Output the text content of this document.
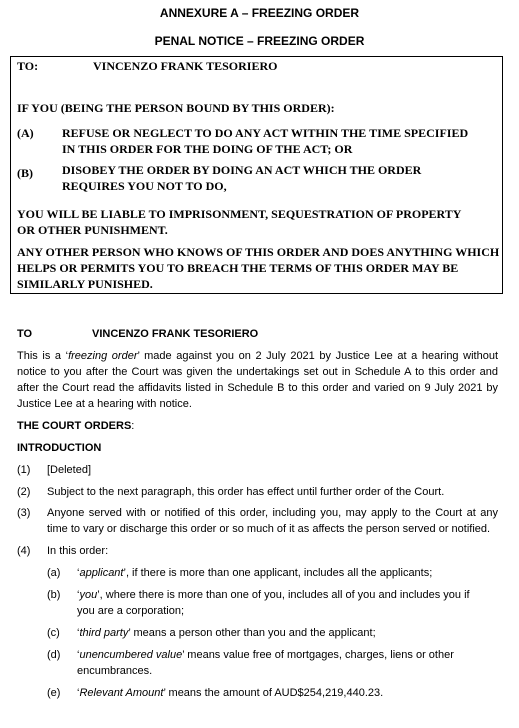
ANNEXURE A – FREEZING ORDER
PENAL NOTICE – FREEZING ORDER
TO:	VINCENZO FRANK TESORIERO
IF YOU (BEING THE PERSON BOUND BY THIS ORDER):
(A) REFUSE OR NEGLECT TO DO ANY ACT WITHIN THE TIME SPECIFIED
IN THIS ORDER FOR THE DOING OF THE ACT; OR
(B) DISOBEY THE ORDER BY DOING AN ACT WHICH THE ORDER
REQUIRES YOU NOT TO DO,
YOU WILL BE LIABLE TO IMPRISONMENT, SEQUESTRATION OF PROPERTY
OR OTHER PUNISHMENT.
ANY OTHER PERSON WHO KNOWS OF THIS ORDER AND DOES ANYTHING WHICH
HELPS OR PERMITS YOU TO BREACH THE TERMS OF THIS ORDER MAY BE
SIMILARLY PUNISHED.
TO	VINCENZO FRANK TESORIERO
This is a ‘freezing order’ made against you on 2 July 2021 by Justice Lee at a hearing without
notice to you after the Court was given the undertakings set out in Schedule A to this order and
after the Court read the affidavits listed in Schedule B to this order and varied on 9 July 2021 by
Justice Lee at a hearing with notice.
THE COURT ORDERS:
INTRODUCTION
(1) [Deleted]
(2) Subject to the next paragraph, this order has effect until further order of the Court.
(3) Anyone served with or notified of this order, including you, may apply to the Court at any
time to vary or discharge this order or so much of it as affects the person served or notified.
(4) In this order:
(a) ‘applicant’, if there is more than one applicant, includes all the applicants;
(b) ‘you’, where there is more than one of you, includes all of you and includes you if
you are a corporation;
(c) ‘third party’ means a person other than you and the applicant;
(d) ‘unencumbered value’ means value free of mortgages, charges, liens or other
encumbrances.
(e) ‘Relevant Amount’ means the amount of AUD$254,219,440.23.
